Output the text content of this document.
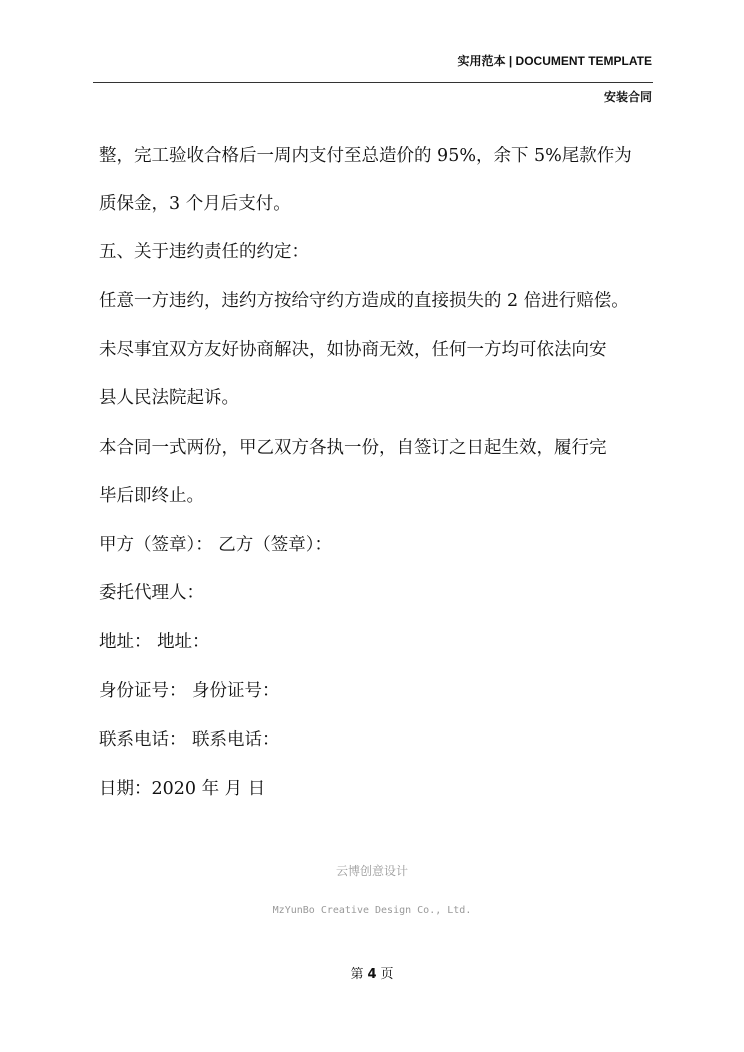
实用范本 | DOCUMENT TEMPLATE
安装合同
整，完工验收合格后一周内支付至总造价的 95%，余下 5%尾款作为
质保金，3 个月后支付。
五、关于违约责任的约定：
任意一方违约，违约方按给守约方造成的直接损失的 2 倍进行赔偿。
未尽事宜双方友好协商解决，如协商无效，任何一方均可依法向安
县人民法院起诉。
本合同一式两份，甲乙双方各执一份，自签订之日起生效，履行完
毕后即终止。
甲方（签章）： 乙方（签章）：
委托代理人：
地址： 地址：
身份证号： 身份证号：
联系电话： 联系电话：
日期：2020 年 月 日
云博创意设计
MzYunBo Creative Design Co., Ltd.
第 4 页
